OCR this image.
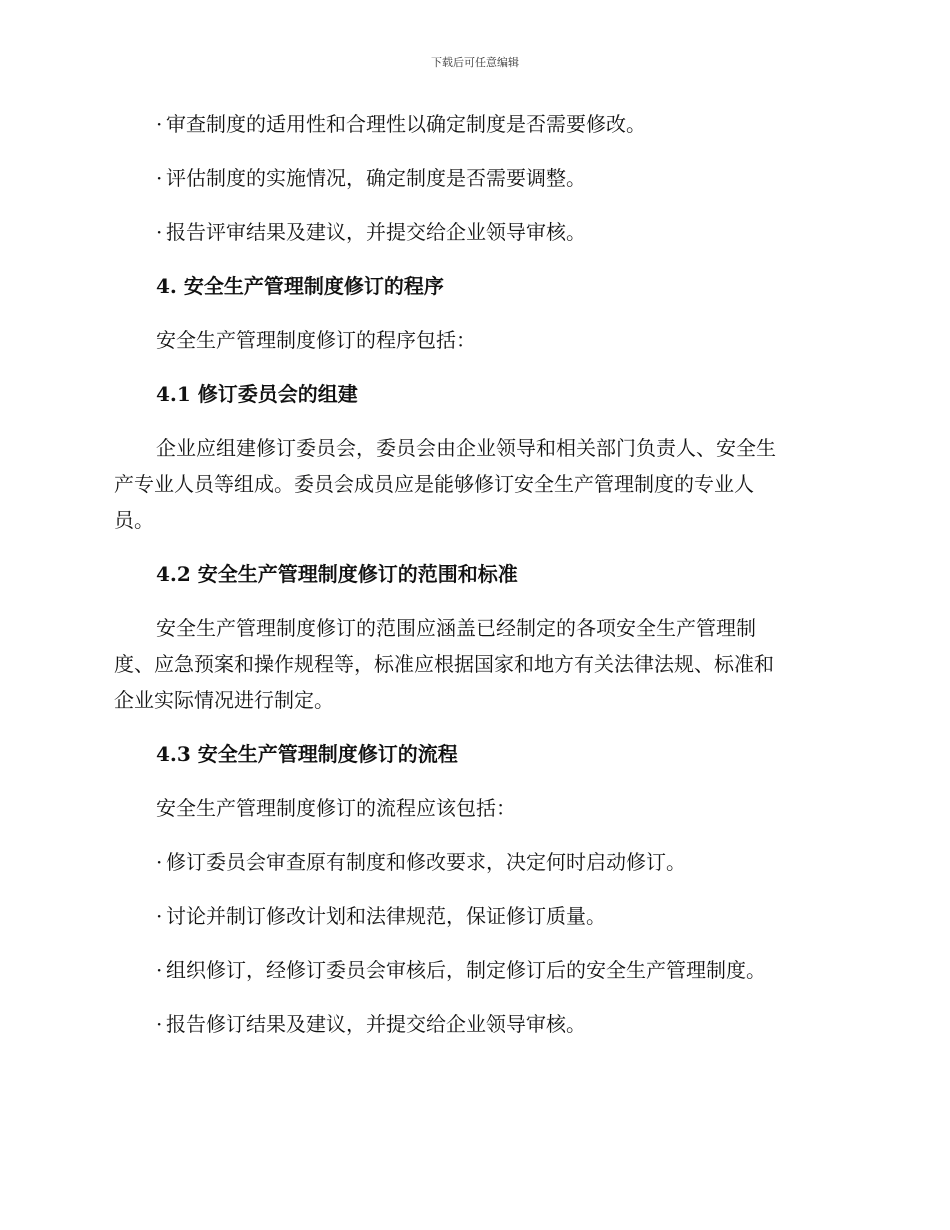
下载后可任意编辑
· 审查制度的适用性和合理性以确定制度是否需要修改。
· 评估制度的实施情况，确定制度是否需要调整。
· 报告评审结果及建议，并提交给企业领导审核。
4. 安全生产管理制度修订的程序
安全生产管理制度修订的程序包括：
4.1 修订委员会的组建
企业应组建修订委员会，委员会由企业领导和相关部门负责人、安全生
产专业人员等组成。委员会成员应是能够修订安全生产管理制度的专业人
员。
4.2 安全生产管理制度修订的范围和标准
安全生产管理制度修订的范围应涵盖已经制定的各项安全生产管理制
度、应急预案和操作规程等，标准应根据国家和地方有关法律法规、标准和
企业实际情况进行制定。
4.3 安全生产管理制度修订的流程
安全生产管理制度修订的流程应该包括：
· 修订委员会审查原有制度和修改要求，决定何时启动修订。
· 讨论并制订修改计划和法律规范，保证修订质量。
· 组织修订，经修订委员会审核后，制定修订后的安全生产管理制度。
· 报告修订结果及建议，并提交给企业领导审核。
